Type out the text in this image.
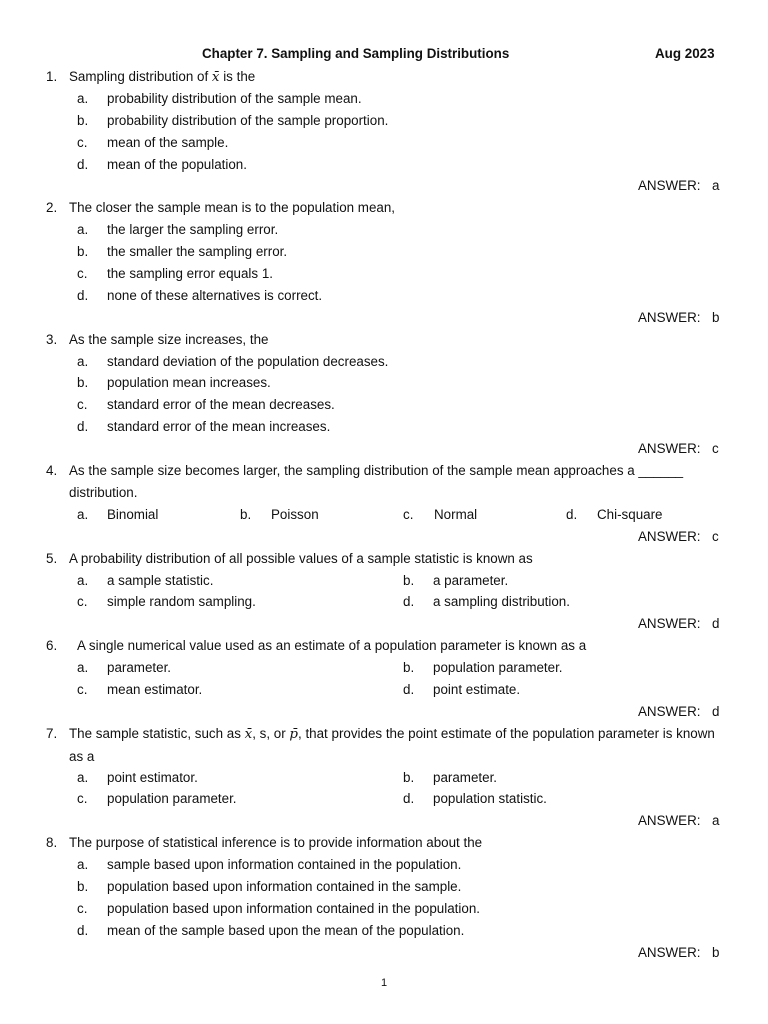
Chapter 7. Sampling and Sampling Distributions	Aug 2023
1. Sampling distribution of x̄ is the
a. probability distribution of the sample mean.
b. probability distribution of the sample proportion.
c. mean of the sample.
d. mean of the population.
ANSWER: a
2. The closer the sample mean is to the population mean,
a. the larger the sampling error.
b. the smaller the sampling error.
c. the sampling error equals 1.
d. none of these alternatives is correct.
ANSWER: b
3. As the sample size increases, the
a. standard deviation of the population decreases.
b. population mean increases.
c. standard error of the mean decreases.
d. standard error of the mean increases.
ANSWER: c
4. As the sample size becomes larger, the sampling distribution of the sample mean approaches a ______ distribution.
a. Binomial	b. Poisson	c. Normal	d. Chi-square
ANSWER: c
5. A probability distribution of all possible values of a sample statistic is known as
a. a sample statistic.	b. a parameter.
c. simple random sampling.	d. a sampling distribution.
ANSWER: d
6. A single numerical value used as an estimate of a population parameter is known as a
a. parameter.	b. population parameter.
c. mean estimator.	d. point estimate.
ANSWER: d
7. The sample statistic, such as x̄, s, or p̄, that provides the point estimate of the population parameter is known as a
a. point estimator.	b. parameter.
c. population parameter.	d. population statistic.
ANSWER: a
8. The purpose of statistical inference is to provide information about the
a. sample based upon information contained in the population.
b. population based upon information contained in the sample.
c. population based upon information contained in the population.
d. mean of the sample based upon the mean of the population.
ANSWER: b
1
